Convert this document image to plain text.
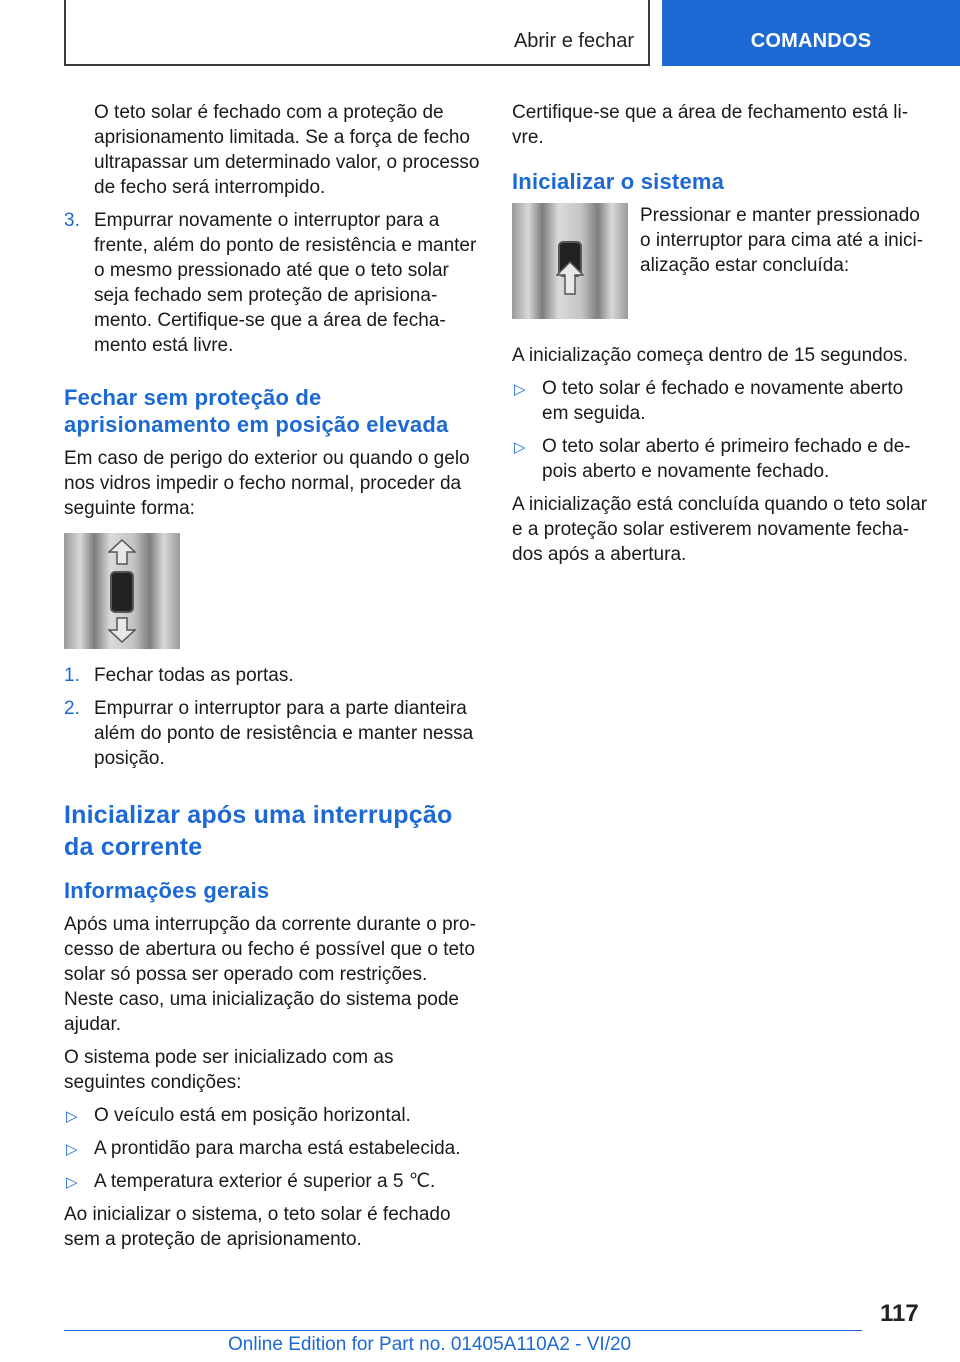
Abrir e fechar	COMANDOS

O teto solar é fechado com a proteção de aprisionamento limitada. Se a força de fecho ultrapassar um determinado valor, o processo de fecho será interrompido.

3. Empurrar novamente o interruptor para a frente, além do ponto de resistência e manter o mesmo pressionado até que o teto solar seja fechado sem proteção de aprisionamento. Certifique-se que a área de fechamento está livre.
Fechar sem proteção de aprisionamento em posição elevada

Em caso de perigo do exterior ou quando o gelo nos vidros impedir o fecho normal, proceder da seguinte forma:

1. Fechar todas as portas.
2. Empurrar o interruptor para a parte dianteira além do ponto de resistência e manter nessa posição.
Inicializar após uma interrupção da corrente
Informações gerais

Após uma interrupção da corrente durante o processo de abertura ou fecho é possível que o teto solar só possa ser operado com restrições. Neste caso, uma inicialização do sistema pode ajudar.

O sistema pode ser inicializado com as seguintes condições:

▷ O veículo está em posição horizontal.
▷ A prontidão para marcha está estabelecida.
▷ A temperatura exterior é superior a 5 ℃.

Ao inicializar o sistema, o teto solar é fechado sem a proteção de aprisionamento.

Certifique-se que a área de fechamento está livre.

Inicializar o sistema

Pressionar e manter pressionado o interruptor para cima até a inicialização estar concluída:

A inicialização começa dentro de 15 segundos.

▷ O teto solar é fechado e novamente aberto em seguida.
▷ O teto solar aberto é primeiro fechado e depois aberto e novamente fechado.

A inicialização está concluída quando o teto solar e a proteção solar estiverem novamente fechados após a abertura.

117
Online Edition for Part no. 01405A110A2 - VI/20
